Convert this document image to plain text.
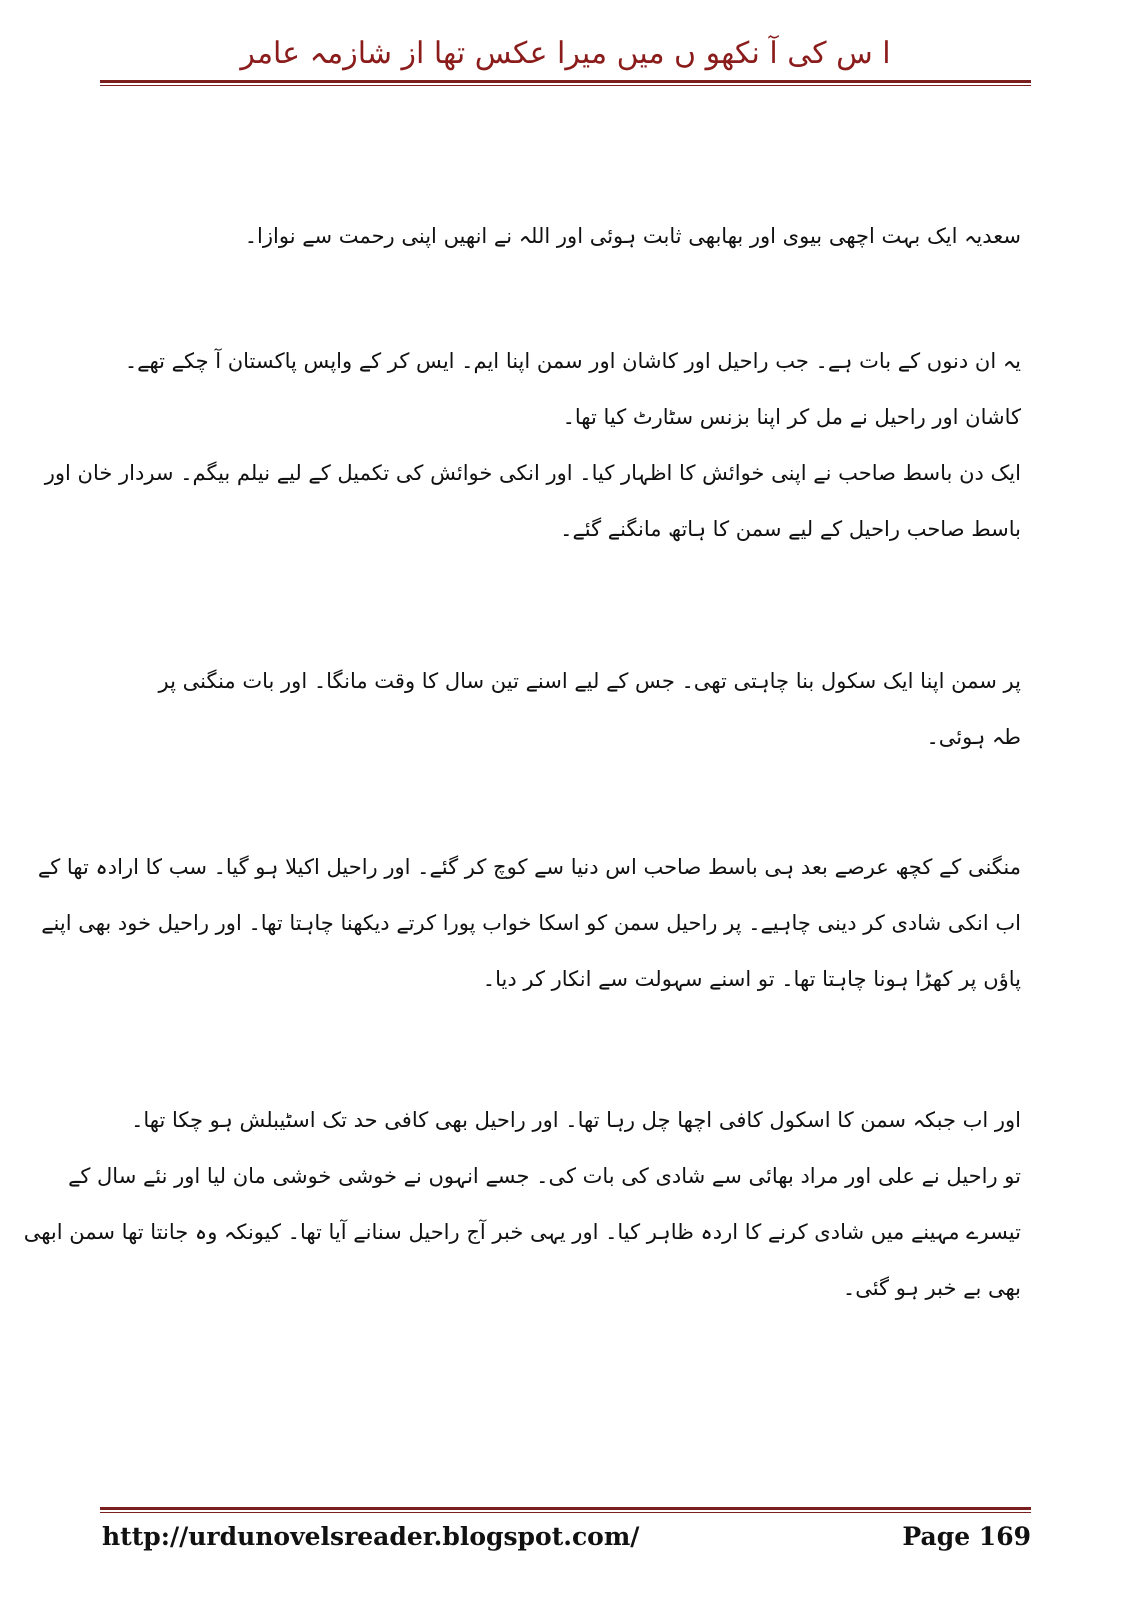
ا س کی آ نکھو ں میں میرا عکس تھا از شازمہ عامر
سعدیہ ایک بہت اچھی بیوی اور بھابھی ثابت ہوئی اور اللہ نے انھیں اپنی رحمت سے نوازا۔
یہ ان دنوں کے بات ہے۔ جب راحیل اور کاشان اور سمن اپنا ایم۔ ایس کر کے واپس پاکستان آ چکے تھے۔
کاشان اور راحیل نے مل کر اپنا بزنس سٹارٹ کیا تھا۔
ایک دن باسط صاحب نے اپنی خوائش کا اظہار کیا۔ اور انکی خوائش کی تکمیل کے لیے نیلم بیگم۔ سردار خان اور
باسط صاحب راحیل کے لیے سمن کا ہاتھ مانگنے گئے۔
پر سمن اپنا ایک سکول بنا چاہتی تھی۔ جس کے لیے اسنے تین سال کا وقت مانگا۔ اور بات منگنی پر
طہ ہوئی۔
منگنی کے کچھ عرصے بعد ہی باسط صاحب اس دنیا سے کوچ کر گئے۔ اور راحیل اکیلا ہو گیا۔ سب کا ارادہ تھا کے
اب انکی شادی کر دینی چاہیے۔ پر راحیل سمن کو اسکا خواب پورا کرتے دیکھنا چاہتا تھا۔ اور راحیل خود بھی اپنے
پاؤں پر کھڑا ہونا چاہتا تھا۔ تو اسنے سہولت سے انکار کر دیا۔
اور اب جبکہ سمن کا اسکول کافی اچھا چل رہا تھا۔ اور راحیل بھی کافی حد تک اسٹیبلش ہو چکا تھا۔
تو راحیل نے علی اور مراد بھائی سے شادی کی بات کی۔ جسے انہوں نے خوشی خوشی مان لیا اور نئے سال کے
تیسرے مہینے میں شادی کرنے کا اردہ ظاہر کیا۔ اور یہی خبر آج راحیل سنانے آیا تھا۔ کیونکہ وہ جانتا تھا سمن ابھی
بھی بے خبر ہو گئی۔
http://urdunovelsreader.blogspot.com/	Page 169
